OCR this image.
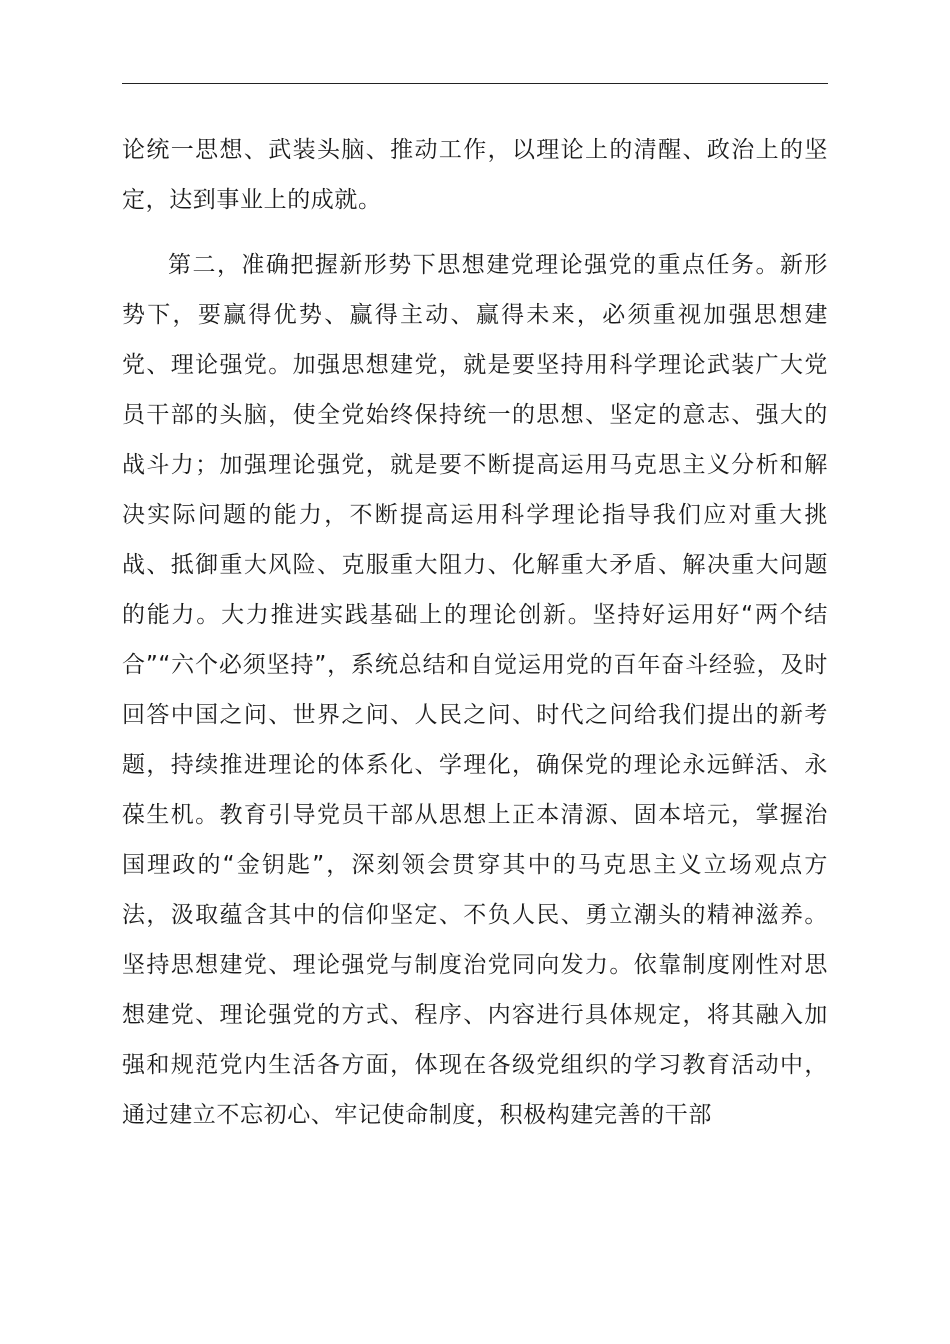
论统一思想、武装头脑、推动工作，以理论上的清醒、政治上的坚定，达到事业上的成就。

第二，准确把握新形势下思想建党理论强党的重点任务。新形势下，要赢得优势、赢得主动、赢得未来，必须重视加强思想建党、理论强党。加强思想建党，就是要坚持用科学理论武装广大党员干部的头脑，使全党始终保持统一的思想、坚定的意志、强大的战斗力；加强理论强党，就是要不断提高运用马克思主义分析和解决实际问题的能力，不断提高运用科学理论指导我们应对重大挑战、抵御重大风险、克服重大阻力、化解重大矛盾、解决重大问题的能力。大力推进实践基础上的理论创新。坚持好运用好“两个结合”“六个必须坚持”，系统总结和自觉运用党的百年奋斗经验，及时回答中国之问、世界之问、人民之问、时代之问给我们提出的新考题，持续推进理论的体系化、学理化，确保党的理论永远鲜活、永葆生机。教育引导党员干部从思想上正本清源、固本培元，掌握治国理政的“金钥匙”，深刻领会贯穿其中的马克思主义立场观点方法，汲取蕴含其中的信仰坚定、不负人民、勇立潮头的精神滋养。坚持思想建党、理论强党与制度治党同向发力。依靠制度刚性对思想建党、理论强党的方式、程序、内容进行具体规定，将其融入加强和规范党内生活各方面，体现在各级党组织的学习教育活动中，通过建立不忘初心、牢记使命制度，积极构建完善的干部
